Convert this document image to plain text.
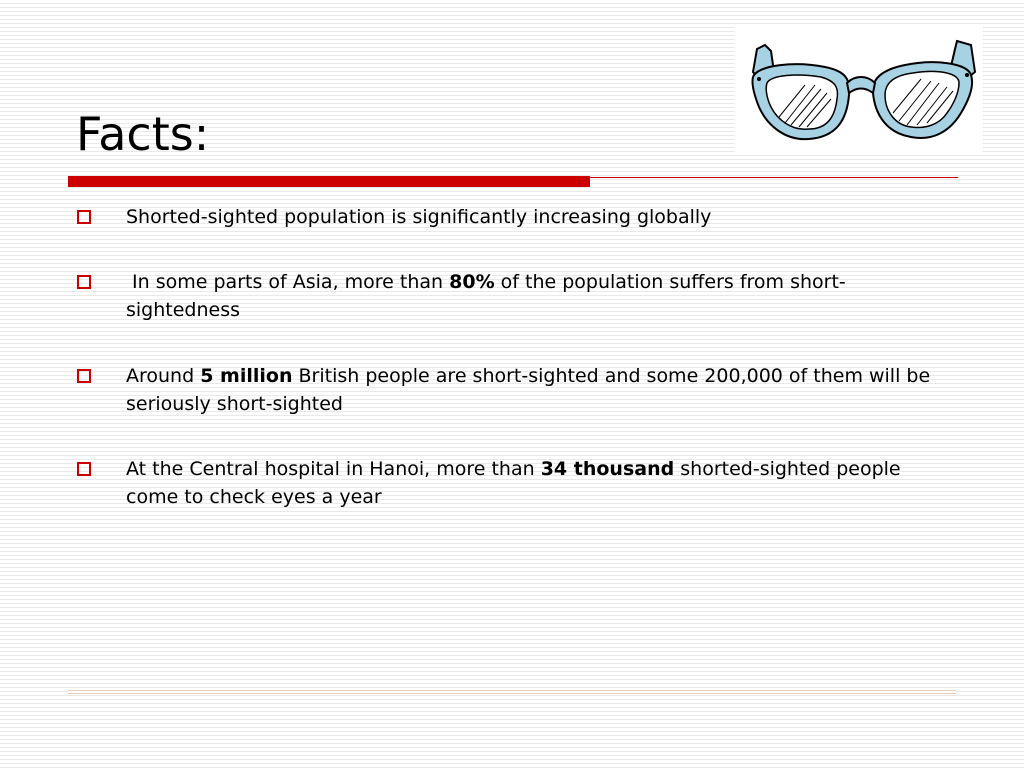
Facts:
Shorted-sighted population is significantly increasing globally
In some parts of Asia, more than 80% of the population suffers from short-sightedness
Around 5 million British people are short-sighted and some 200,000 of them will be seriously short-sighted
At the Central hospital in Hanoi, more than 34 thousand shorted-sighted people come to check eyes a year
